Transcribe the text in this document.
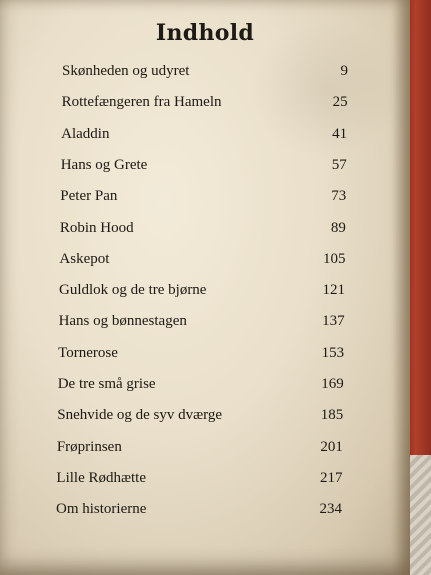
Indhold
Skønheden og udyret	9
Rottefængeren fra Hameln	25
Aladdin	41
Hans og Grete	57
Peter Pan	73
Robin Hood	89
Askepot	105
Guldlok og de tre bjørne	121
Hans og bønnestagen	137
Tornerose	153
De tre små grise	169
Snehvide og de syv dværge	185
Frøprinsen	201
Lille Rødhætte	217
Om historierne	234
